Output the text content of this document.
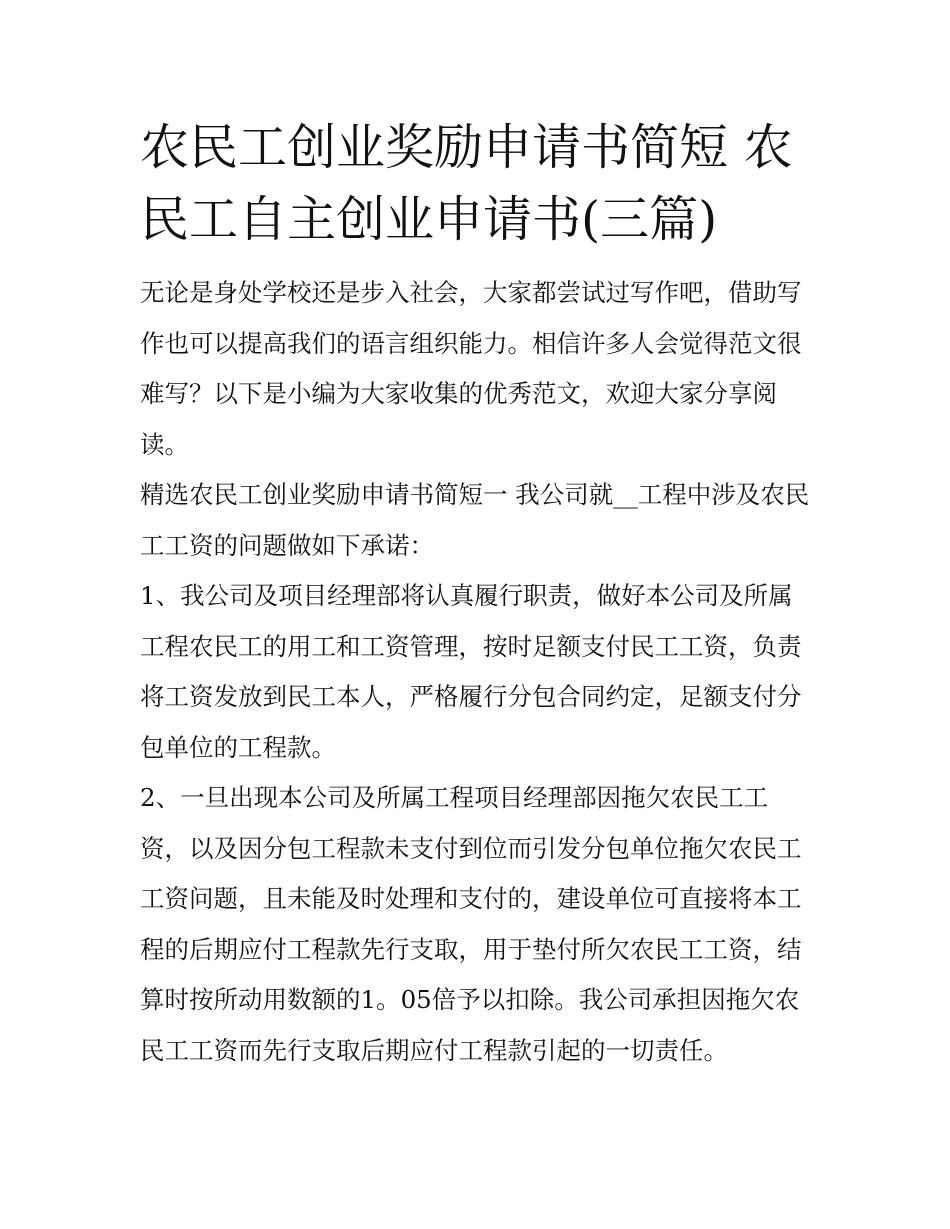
农民工创业奖励申请书简短 农
民工自主创业申请书(三篇)

无论是身处学校还是步入社会，大家都尝试过写作吧，借助写
作也可以提高我们的语言组织能力。相信许多人会觉得范文很
难写？以下是小编为大家收集的优秀范文，欢迎大家分享阅
读。

精选农民工创业奖励申请书简短一 我公司就__工程中涉及农民
工工资的问题做如下承诺：

1、我公司及项目经理部将认真履行职责，做好本公司及所属
工程农民工的用工和工资管理，按时足额支付民工工资，负责
将工资发放到民工本人，严格履行分包合同约定，足额支付分
包单位的工程款。

2、一旦出现本公司及所属工程项目经理部因拖欠农民工工
资，以及因分包工程款未支付到位而引发分包单位拖欠农民工
工资问题，且未能及时处理和支付的，建设单位可直接将本工
程的后期应付工程款先行支取，用于垫付所欠农民工工资，结
算时按所动用数额的1。05倍予以扣除。我公司承担因拖欠农
民工工资而先行支取后期应付工程款引起的一切责任。
